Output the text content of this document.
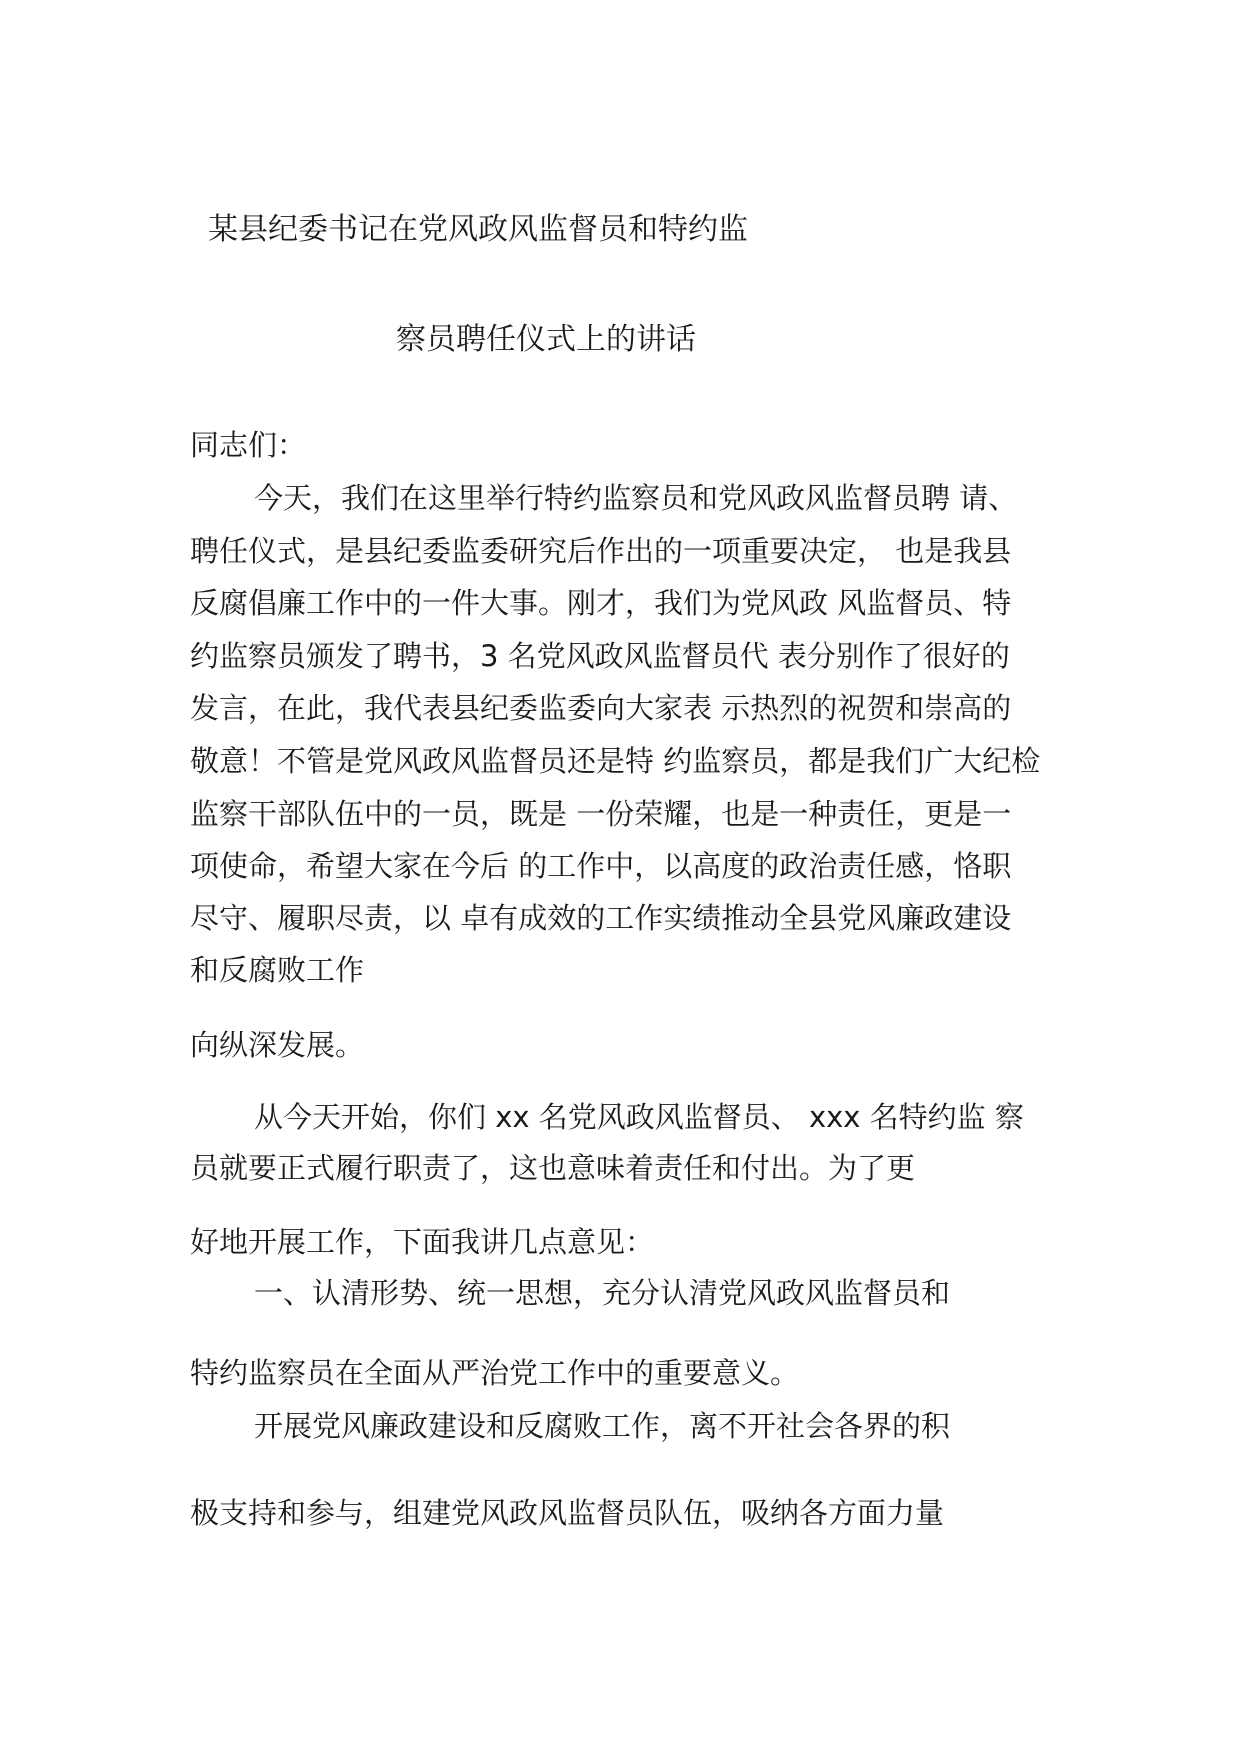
某县纪委书记在党风政风监督员和特约监
察员聘任仪式上的讲话
同志们：
今天，我们在这里举行特约监察员和党风政风监督员聘 请、
聘任仪式，是县纪委监委研究后作出的一项重要决定， 也是我县
反腐倡廉工作中的一件大事。刚才，我们为党风政 风监督员、特
约监察员颁发了聘书，3 名党风政风监督员代 表分别作了很好的
发言，在此，我代表县纪委监委向大家表 示热烈的祝贺和崇高的
敬意！不管是党风政风监督员还是特 约监察员，都是我们广大纪检
监察干部队伍中的一员，既是 一份荣耀，也是一种责任，更是一
项使命，希望大家在今后 的工作中，以高度的政治责任感，恪职
尽守、履职尽责，以 卓有成效的工作实绩推动全县党风廉政建设
和反腐败工作
向纵深发展。
从今天开始，你们 xx 名党风政风监督员、 xxx 名特约监 察
员就要正式履行职责了，这也意味着责任和付出。为了更
好地开展工作，下面我讲几点意见：
一、认清形势、统一思想，充分认清党风政风监督员和
特约监察员在全面从严治党工作中的重要意义。
开展党风廉政建设和反腐败工作，离不开社会各界的积
极支持和参与，组建党风政风监督员队伍，吸纳各方面力量
